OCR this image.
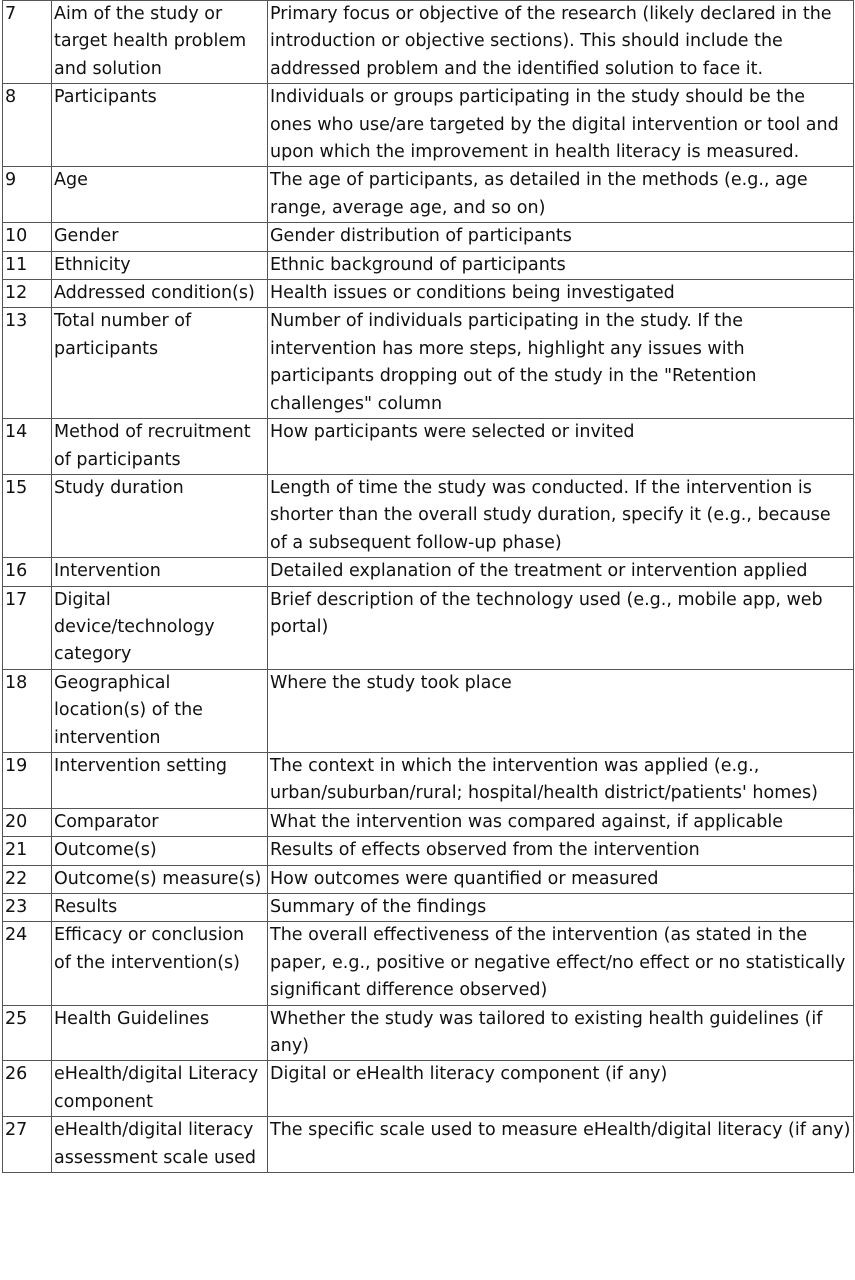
7	Aim of the study or target health problem and solution	Primary focus or objective of the research (likely declared in the introduction or objective sections). This should include the addressed problem and the identified solution to face it.
8	Participants	Individuals or groups participating in the study should be the ones who use/are targeted by the digital intervention or tool and upon which the improvement in health literacy is measured.
9	Age	The age of participants, as detailed in the methods (e.g., age range, average age, and so on)
10	Gender	Gender distribution of participants
11	Ethnicity	Ethnic background of participants
12	Addressed condition(s)	Health issues or conditions being investigated
13	Total number of participants	Number of individuals participating in the study. If the intervention has more steps, highlight any issues with participants dropping out of the study in the "Retention challenges" column
14	Method of recruitment of participants	How participants were selected or invited
15	Study duration	Length of time the study was conducted. If the intervention is shorter than the overall study duration, specify it (e.g., because of a subsequent follow-up phase)
16	Intervention	Detailed explanation of the treatment or intervention applied
17	Digital device/technology category	Brief description of the technology used (e.g., mobile app, web portal)
18	Geographical location(s) of the intervention	Where the study took place
19	Intervention setting	The context in which the intervention was applied (e.g., urban/suburban/rural; hospital/health district/patients' homes)
20	Comparator	What the intervention was compared against, if applicable
21	Outcome(s)	Results of effects observed from the intervention
22	Outcome(s) measure(s)	How outcomes were quantified or measured
23	Results	Summary of the findings
24	Efficacy or conclusion of the intervention(s)	The overall effectiveness of the intervention (as stated in the paper, e.g., positive or negative effect/no effect or no statistically significant difference observed)
25	Health Guidelines	Whether the study was tailored to existing health guidelines (if any)
26	eHealth/digital Literacy component	Digital or eHealth literacy component (if any)
27	eHealth/digital literacy assessment scale used	The specific scale used to measure eHealth/digital literacy (if any)
